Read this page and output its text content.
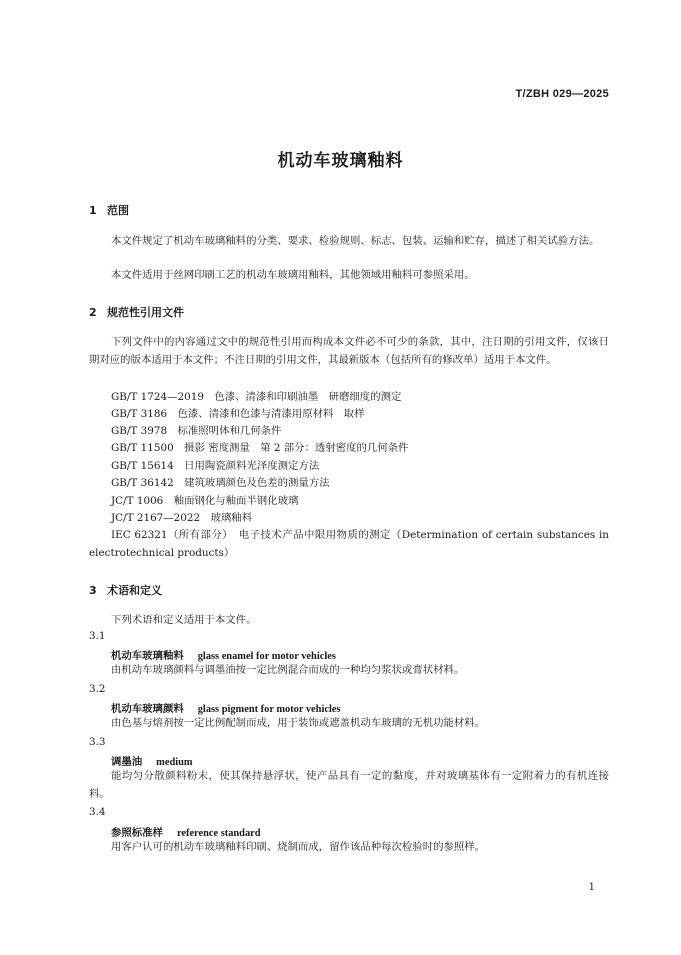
T/ZBH 029—2025
机动车玻璃釉料
1 范围
本文件规定了机动车玻璃釉料的分类、要求、检验规则、标志、包装、运输和贮存，描述了相关试验方法。
本文件适用于丝网印刷工艺的机动车玻璃用釉料，其他领域用釉料可参照采用。
2 规范性引用文件
下列文件中的内容通过文中的规范性引用而构成本文件必不可少的条款，其中，注日期的引用文件，仅该日期对应的版本适用于本文件；不注日期的引用文件，其最新版本（包括所有的修改单）适用于本文件。
GB/T 1724—2019　色漆、清漆和印刷油墨　研磨细度的测定
GB/T 3186　色漆、清漆和色漆与清漆用原材料　取样
GB/T 3978　标准照明体和几何条件
GB/T 11500　摄影 密度测量　第 2 部分：透射密度的几何条件
GB/T 15614　日用陶瓷颜料光泽度测定方法
GB/T 36142　建筑玻璃颜色及色差的测量方法
JC/T 1006　釉面钢化与釉面半钢化玻璃
JC/T 2167—2022　玻璃釉料
IEC 62321（所有部分）　电子技术产品中限用物质的测定（Determination of certain substances in electrotechnical products）
3 术语和定义
下列术语和定义适用于本文件。
3.1
机动车玻璃釉料 glass enamel for motor vehicles
由机动车玻璃颜料与调墨油按一定比例混合而成的一种均匀浆状或膏状材料。
3.2
机动车玻璃颜料 glass pigment for motor vehicles
由色基与熔剂按一定比例配制而成，用于装饰或遮盖机动车玻璃的无机功能材料。
3.3
调墨油 medium
能均匀分散颜料粉末，使其保持悬浮状，使产品具有一定的黏度，并对玻璃基体有一定附着力的有机连接料。
3.4
参照标准样 reference standard
用客户认可的机动车玻璃釉料印刷、烧制而成，留作该品种每次检验时的参照样。
1
